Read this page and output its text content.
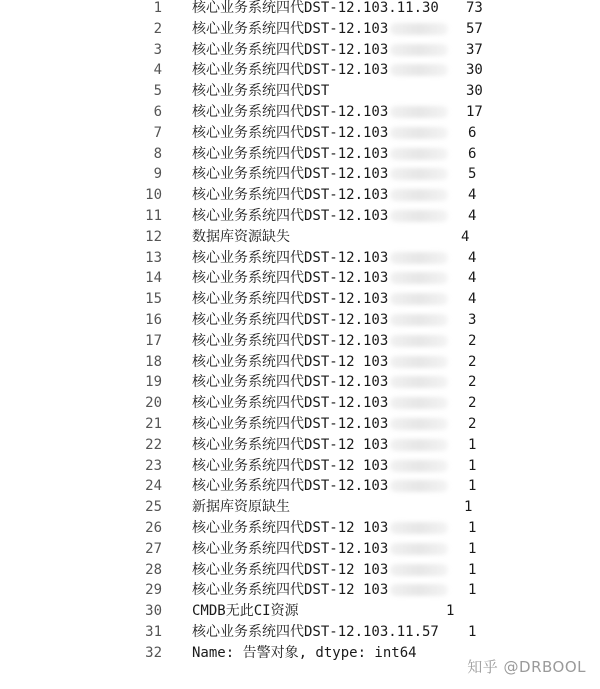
1 核心业务系统四代DST-12.103.11.30 73
2 核心业务系统四代DST-12.103	57
3 核心业务系统四代DST-12.103	37
4 核心业务系统四代DST-12.103	30
5 核心业务系统四代DST	30
6 核心业务系统四代DST-12.103	17
7 核心业务系统四代DST-12.103	6
8 核心业务系统四代DST-12.103	6
9 核心业务系统四代DST-12.103	5
10 核心业务系统四代DST-12.103	4
11 核心业务系统四代DST-12.103	4
12 数据库资源缺失	4
13 核心业务系统四代DST-12.103	4
14 核心业务系统四代DST-12.103	4
15 核心业务系统四代DST-12.103	4
16 核心业务系统四代DST-12.103	3
17 核心业务系统四代DST-12.103	2
18 核心业务系统四代DST-12 103	2
19 核心业务系统四代DST-12.103	2
20 核心业务系统四代DST-12.103	2
21 核心业务系统四代DST-12.103	2
22 核心业务系统四代DST-12 103	1
23 核心业务系统四代DST-12 103	1
24 核心业务系统四代DST-12.103	1
25 新据库资原缺生	1
26 核心业务系统四代DST-12 103	1
27 核心业务系统四代DST-12.103	1
28 核心业务系统四代DST-12 103	1
29 核心业务系统四代DST-12 103	1
30 CMDB无此CI资源	1
31 核心业务系统四代DST-12.103.11.57 1
32 Name: 告警对象, dtype: int64
知乎 @DRBOOL
